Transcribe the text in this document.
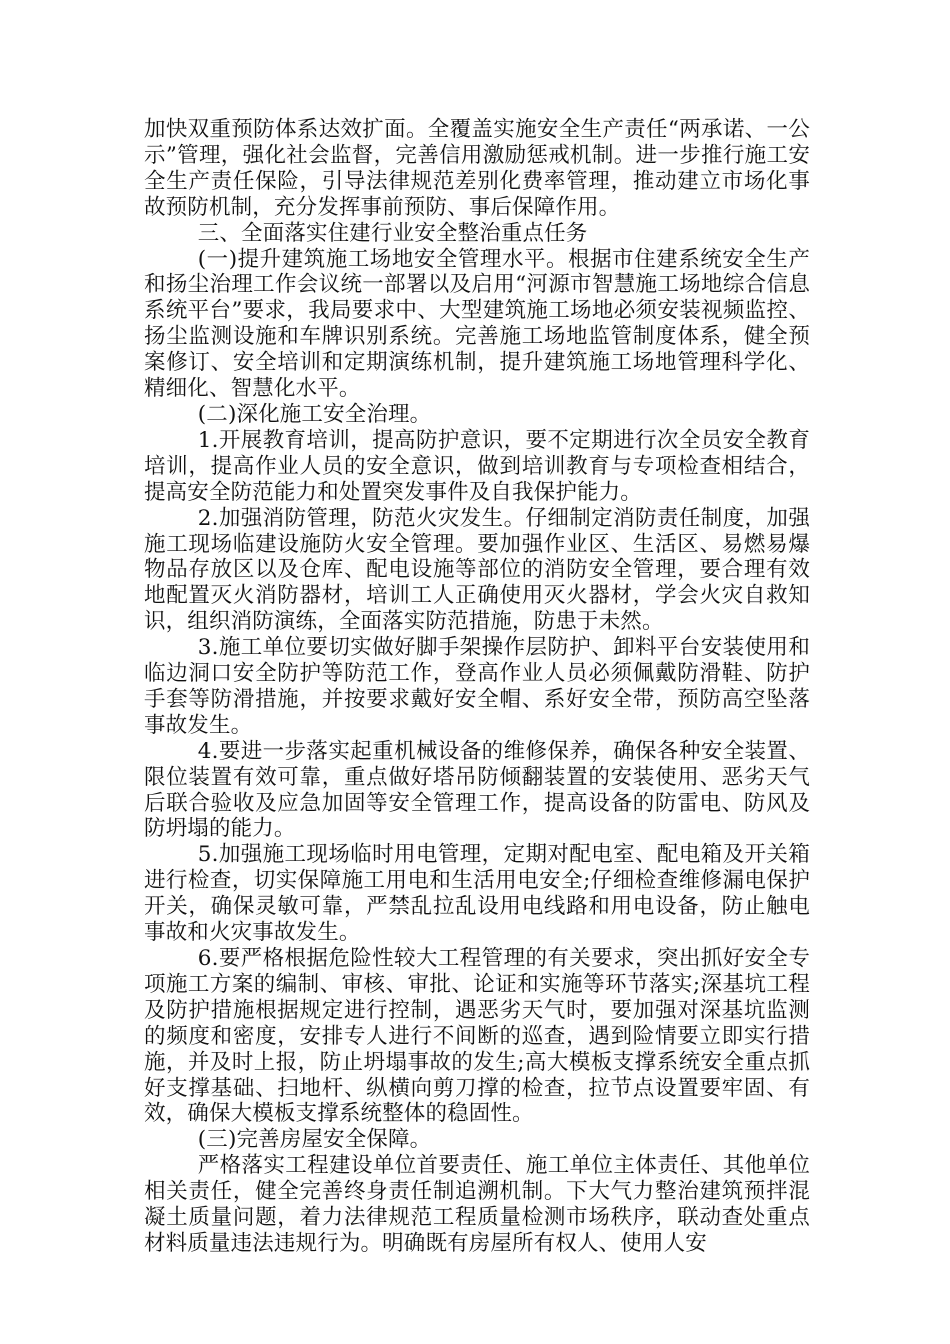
加快双重预防体系达效扩面。全覆盖实施安全生产责任“两承诺、一公示”管理，强化社会监督，完善信用激励惩戒机制。进一步推行施工安全生产责任保险，引导法律规范差别化费率管理，推动建立市场化事故预防机制，充分发挥事前预防、事后保障作用。

三、全面落实住建行业安全整治重点任务

(一)提升建筑施工场地安全管理水平。根据市住建系统安全生产和扬尘治理工作会议统一部署以及启用“河源市智慧施工场地综合信息系统平台”要求，我局要求中、大型建筑施工场地必须安装视频监控、扬尘监测设施和车牌识别系统。完善施工场地监管制度体系，健全预案修订、安全培训和定期演练机制，提升建筑施工场地管理科学化、精细化、智慧化水平。

(二)深化施工安全治理。

1.开展教育培训，提高防护意识，要不定期进行次全员安全教育培训，提高作业人员的安全意识，做到培训教育与专项检查相结合，提高安全防范能力和处置突发事件及自我保护能力。

2.加强消防管理，防范火灾发生。仔细制定消防责任制度，加强施工现场临建设施防火安全管理。要加强作业区、生活区、易燃易爆物品存放区以及仓库、配电设施等部位的消防安全管理，要合理有效地配置灭火消防器材，培训工人正确使用灭火器材，学会火灾自救知识，组织消防演练，全面落实防范措施，防患于未然。

3.施工单位要切实做好脚手架操作层防护、卸料平台安装使用和临边洞口安全防护等防范工作，登高作业人员必须佩戴防滑鞋、防护手套等防滑措施，并按要求戴好安全帽、系好安全带，预防高空坠落事故发生。

4.要进一步落实起重机械设备的维修保养，确保各种安全装置、限位装置有效可靠，重点做好塔吊防倾翻装置的安装使用、恶劣天气后联合验收及应急加固等安全管理工作，提高设备的防雷电、防风及防坍塌的能力。

5.加强施工现场临时用电管理，定期对配电室、配电箱及开关箱进行检查，切实保障施工用电和生活用电安全;仔细检查维修漏电保护开关，确保灵敏可靠，严禁乱拉乱设用电线路和用电设备，防止触电事故和火灾事故发生。

6.要严格根据危险性较大工程管理的有关要求，突出抓好安全专项施工方案的编制、审核、审批、论证和实施等环节落实;深基坑工程及防护措施根据规定进行控制，遇恶劣天气时，要加强对深基坑监测的频度和密度，安排专人进行不间断的巡查，遇到险情要立即实行措施，并及时上报，防止坍塌事故的发生;高大模板支撑系统安全重点抓好支撑基础、扫地杆、纵横向剪刀撑的检查，拉节点设置要牢固、有效，确保大模板支撑系统整体的稳固性。

(三)完善房屋安全保障。

严格落实工程建设单位首要责任、施工单位主体责任、其他单位相关责任，健全完善终身责任制追溯机制。下大气力整治建筑预拌混凝土质量问题，着力法律规范工程质量检测市场秩序，联动查处重点材料质量违法违规行为。明确既有房屋所有权人、使用人安
